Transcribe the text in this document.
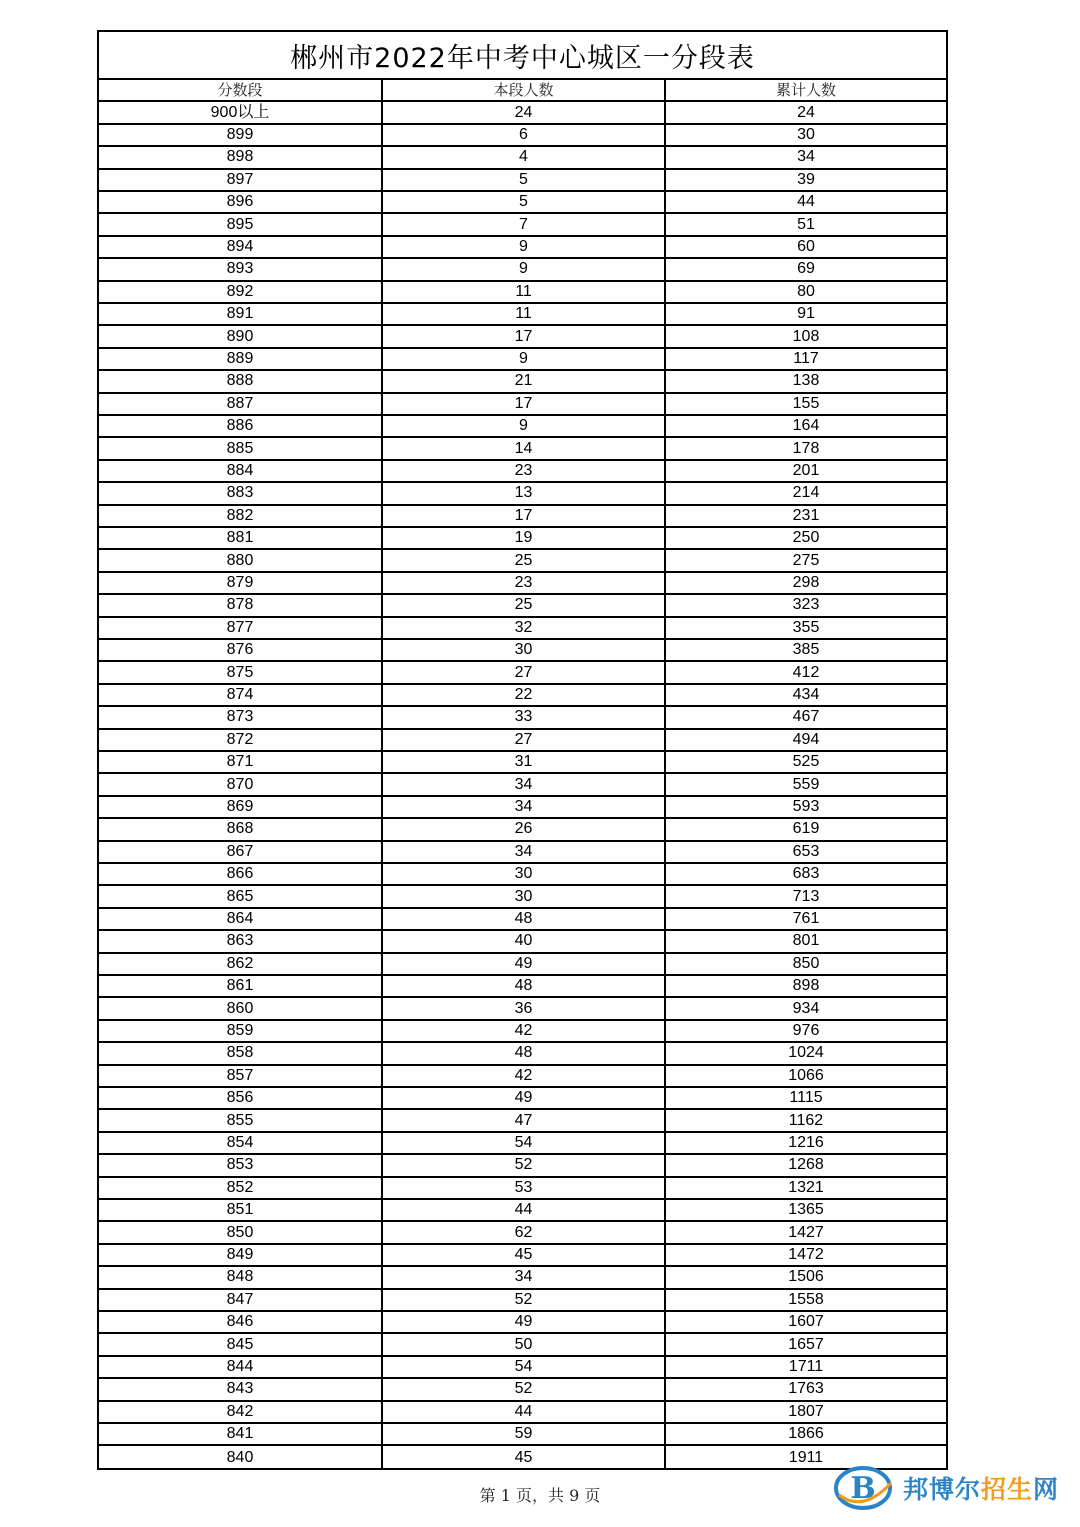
郴州市2022年中考中心城区一分段表
分数段	本段人数	累计人数
900以上	24	24
899	6	30
898	4	34
897	5	39
896	5	44
895	7	51
894	9	60
893	9	69
892	11	80
891	11	91
890	17	108
889	9	117
888	21	138
887	17	155
886	9	164
885	14	178
884	23	201
883	13	214
882	17	231
881	19	250
880	25	275
879	23	298
878	25	323
877	32	355
876	30	385
875	27	412
874	22	434
873	33	467
872	27	494
871	31	525
870	34	559
869	34	593
868	26	619
867	34	653
866	30	683
865	30	713
864	48	761
863	40	801
862	49	850
861	48	898
860	36	934
859	42	976
858	48	1024
857	42	1066
856	49	1115
855	47	1162
854	54	1216
853	52	1268
852	53	1321
851	44	1365
850	62	1427
849	45	1472
848	34	1506
847	52	1558
846	49	1607
845	50	1657
844	54	1711
843	52	1763
842	44	1807
841	59	1866
840	45	1911
第 1 页，共 9 页	B 邦博尔招生网
